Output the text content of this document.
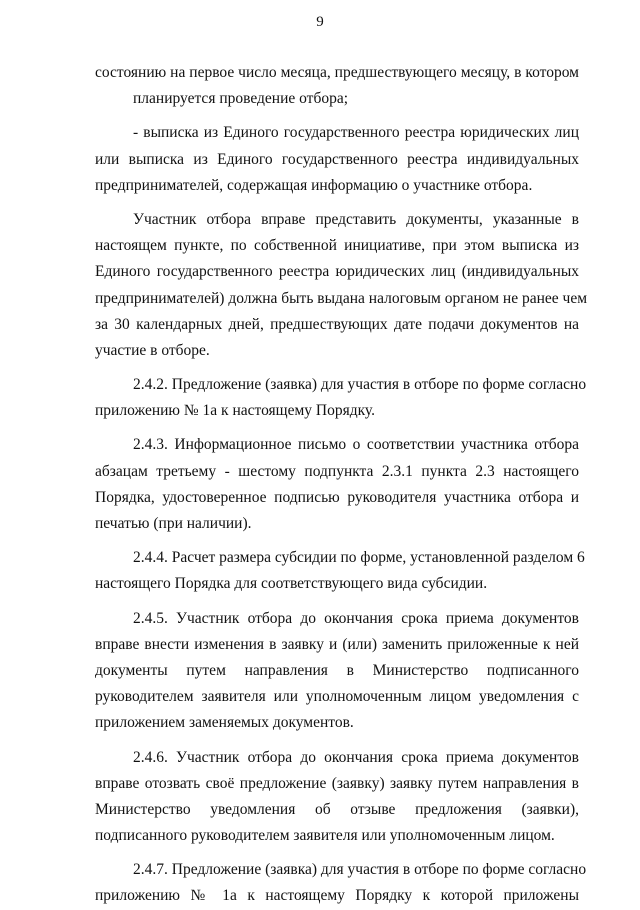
9
состоянию на первое число месяца, предшествующего месяцу, в котором
планируется проведение отбора;
- выписка из Единого государственного реестра юридических лиц
или выписка из Единого государственного реестра индивидуальных
предпринимателей, содержащая информацию о участнике отбора.
Участник отбора вправе представить документы, указанные в
настоящем пункте, по собственной инициативе, при этом выписка из
Единого государственного реестра юридических лиц (индивидуальных
предпринимателей) должна быть выдана налоговым органом не ранее чем
за 30 календарных дней, предшествующих дате подачи документов на
участие в отборе.
2.4.2. Предложение (заявка) для участия в отборе по форме согласно
приложению № 1а к настоящему Порядку.
2.4.3. Информационное письмо о соответствии участника отбора
абзацам третьему - шестому подпункта 2.3.1 пункта 2.3 настоящего
Порядка, удостоверенное подписью руководителя участника отбора и
печатью (при наличии).
2.4.4. Расчет размера субсидии по форме, установленной разделом 6
настоящего Порядка для соответствующего вида субсидии.
2.4.5. Участник отбора до окончания срока приема документов
вправе внести изменения в заявку и (или) заменить приложенные к ней
документы путем направления в Министерство подписанного
руководителем заявителя или уполномоченным лицом уведомления с
приложением заменяемых документов.
2.4.6. Участник отбора до окончания срока приема документов
вправе отозвать своё предложение (заявку) заявку путем направления в
Министерство уведомления об отзыве предложения (заявки),
подписанного руководителем заявителя или уполномоченным лицом.
2.4.7. Предложение (заявка) для участия в отборе по форме согласно
приложению № 1а к настоящему Порядку к которой приложены
